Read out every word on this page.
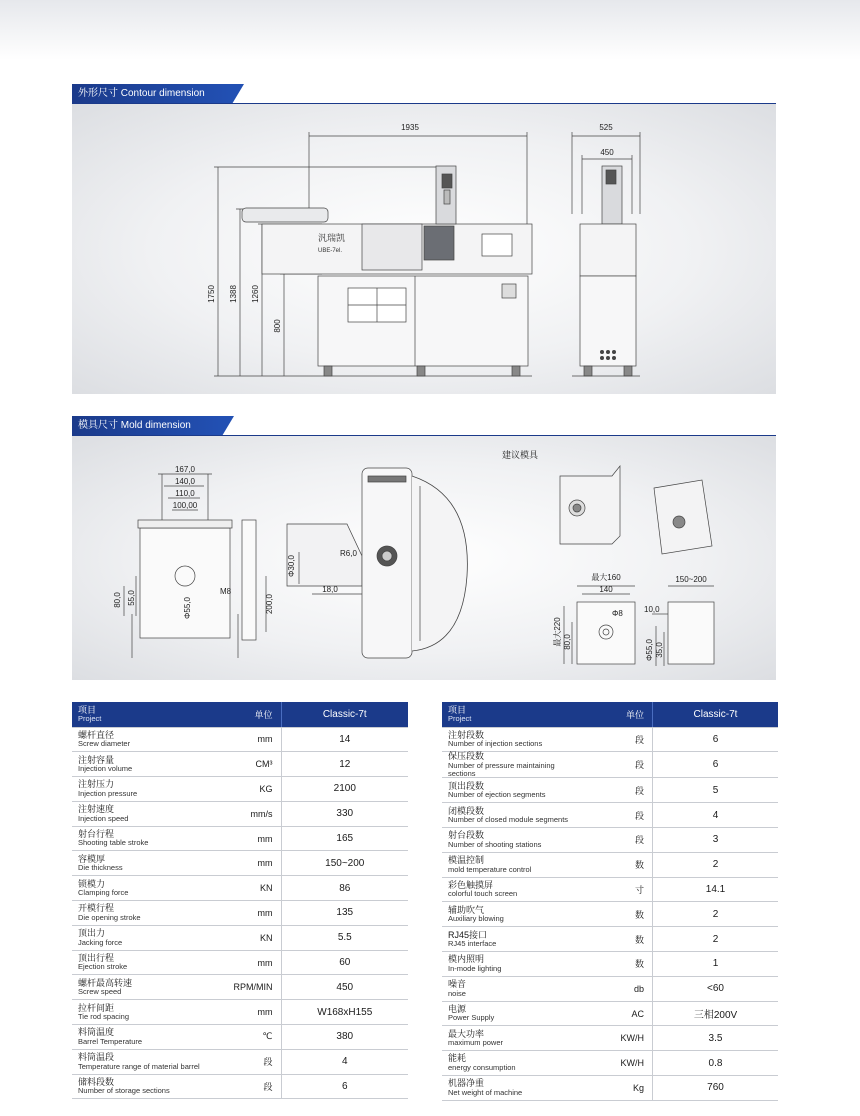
外形尺寸 Contour dimension
1935	525
450
1750 1388 1260
800
汎瑞凯
UBE-7el.
模具尺寸 Mold dimension
167,0
140,0
110,0
100,00
80,0 55,0	Φ55,0	200,0
M8
Φ30,0
R6,0
18,0
建议模具
最大160
140
Φ8
最大220 80,0
150~200
10,0
Φ55,0 35,0
项目
Project	单位	Classic-7t

螺杆直径
Screw diameter	mm	14

注射容量
Injection volume	CM³	12

注射压力
Injection pressure	KG	2100

注射速度
Injection speed	mm/s	330

射台行程
Shooting table stroke	mm	165

容模厚
Die thickness	mm	150~200

锁模力
Clamping force	KN	86

开模行程
Die opening stroke	mm	135

顶出力
Jacking force	KN	5.5

顶出行程
Ejection stroke	mm	60

螺杆最高转速
Screw speed	RPM/MIN	450

拉杆间距
Tie rod spacing	mm	W168xH155

料筒温度
Barrel Temperature	℃	380

料筒温段
Temperature range of material barrel	段	4

储料段数
Number of storage sections	段	6
项目
Project	单位	Classic-7t

注射段数
Number of injection sections	段	6

保压段数
Number of pressure maintaining sections	段	6

顶出段数
Number of ejection segments	段	5

闭模段数
Number of closed module segments	段	4

射台段数
Number of shooting stations	段	3

模温控制
mold temperature control	数	2

彩色触摸屏
colorful touch screen	寸	14.1

辅助吹气
Auxiliary blowing	数	2

RJ45接口
RJ45 interface	数	2

模内照明
In-mode lighting	数	1

噪音
noise	db	<60

电源
Power Supply	AC	三相200V

最大功率
maximum power	KW/H	3.5

能耗
energy consumption	KW/H	0.8

机器净重
Net weight of machine	Kg	760
